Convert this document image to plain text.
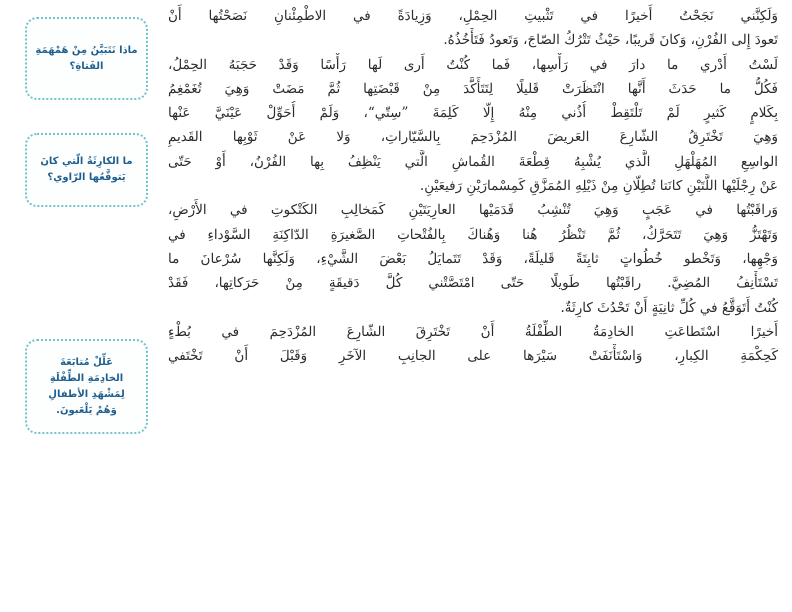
ماذا نَتَبَيَّنُ مِنْ هَمْهَمَةِ
الفَتاةِ؟
ما الكارِثَةُ الّتي كانَ
يَتوقَّعُها الرّاوي؟
عَلِّلْ مُتابَعَةَ
الخادِمَةِ الطِّفْلَةِ
لِمَشْهَدِ الأطفالِ
وَهُمْ يَلْعَبونَ.
وَلَكِنَّني نَجَحْتُ أَخيرًا في تَثْبيتِ الحِمْلِ، وَزِيادَةً في الاطْمِئْنانِ نَصَحْتُها أَنْ
تَعودَ إِلى الفُرْنِ، وَكانَ قَريبًا، حَيْثُ تَتْرُكُ الصّاجَ، وَتَعودُ فَتَأْخُذُهُ.
لَسْتُ أَدْري ما دارَ في رَأْسِها، فَما كُنْتُ أَرى لَها رَأْسًا وَقَدْ حَجَبَهُ الحِمْلُ،
فَكُلُّ ما حَدَثَ أَنَّها انْتَظَرَتْ قَليلًا لِتَتَأَكَّدَ مِنْ قَبْضَتِها ثُمَّ مَضَتْ وَهِيَ تُغَمْغِمُ
بِكَلامٍ كَثيرٍ لَمْ تَلْتَقِطْ أُذُني مِنْهُ إِلّا كَلِمَةَ ”سِتّي“، وَلَمْ أُحَوِّلْ عَيْنَيَّ عَنْها
وَهِيَ تَخْتَرِقُ الشّارِعَ العَريضَ المُزْدَحِمَ بِالسَّيّاراتِ، وَلا عَنْ ثَوْبِها القَديمِ
الواسِعِ المُهَلْهَلِ الَّذي يُشْبِهُ قِطْعَةَ القُماشِ الَّتي يَنْظِفُ بِها الفُرْنُ، أَوْ حَتّى
عَنْ رِجْلَيْها اللَّتَيْنِ كانَتا تُطِلّانِ مِنْ ذَيْلِهِ المُمَزَّقِ كَمِسْمارَيْنِ رَفيعَيْنِ.
وَراقَبْتُها في عَجَبٍ وَهِيَ تُنْشِبُ قَدَمَيْها العارِيَتَيْنِ كَمَخالِبِ الكَتْكوتِ في الأَرْضِ،
وَتَهْتَزُّ وَهِيَ تَتَحَرَّكُ، ثُمَّ تَنْظُرُ هُنا وَهُناكَ بِالفُتْحاتِ الصَّغيرَةِ الدّاكِنَةِ السَّوْداءِ في
وَجْهِها، وَتَخْطو خُطُواتٍ ثابِتَةً قَليلَةً، وَقَدْ تَتَمايَلُ بَعْضَ الشَّيْءِ، وَلَكِنَّها سُرْعانَ ما
تَسْتَأْنِفُ المُضِيَّ. راقَبْتُها طَويلًا حَتّى امْتَصَّتْني كُلَّ دَقيقَةٍ مِنْ حَرَكاتِها، فَقَدْ
كُنْتُ أَتَوَقَّعُ في كُلِّ ثانِيَةٍ أَنْ تَحْدُثَ كارِثَةٌ.
أَخيرًا اسْتَطاعَتِ الخادِمَةُ الطِّفْلَةُ أَنْ تَخْتَرِقَ الشّارِعَ المُزْدَحِمَ في بُطْءٍ
كَحِكْمَةِ الكِبارِ، وَاسْتَأْنَفَتْ سَيْرَها على الجانِبِ الآخَرِ وَقَبْلَ أَنْ تَخْتَفي
